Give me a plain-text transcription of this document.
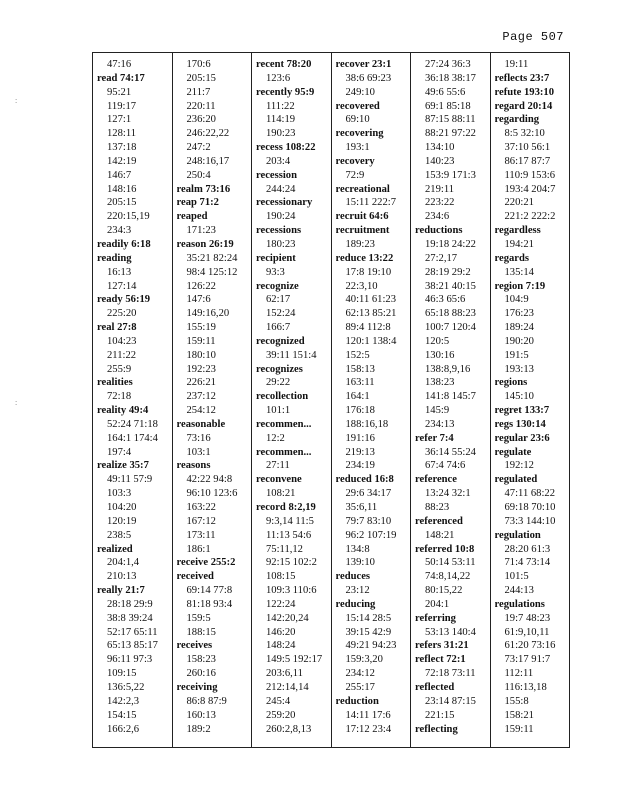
Page 507
:
:
47:16
read 74:17
95:21
119:17
127:1
128:11
137:18
142:19
146:7
148:16
205:15
220:15,19
234:3
readily 6:18
reading
16:13
127:14
ready 56:19
225:20
real 27:8
104:23
211:22
255:9
realities
72:18
reality 49:4
52:24 71:18
164:1 174:4
197:4
realize 35:7
49:11 57:9
103:3
104:20
120:19
238:5
realized
204:1,4
210:13
really 21:7
28:18 29:9
38:8 39:24
52:17 65:11
65:13 85:17
96:11 97:3
109:15
136:5,22
142:2,3
154:15
166:2,6
170:6
205:15
211:7
220:11
236:20
246:22,22
247:2
248:16,17
250:4
realm 73:16
reap 71:2
reaped
171:23
reason 26:19
35:21 82:24
98:4 125:12
126:22
147:6
149:16,20
155:19
159:11
180:10
192:23
226:21
237:12
254:12
reasonable
73:16
103:1
reasons
42:22 94:8
96:10 123:6
163:22
167:12
173:11
186:1
receive 255:2
received
69:14 77:8
81:18 93:4
159:5
188:15
receives
158:23
260:16
receiving
86:8 87:9
160:13
189:2
recent 78:20
123:6
recently 95:9
111:22
114:19
190:23
recess 108:22
203:4
recession
244:24
recessionary
190:24
recessions
180:23
recipient
93:3
recognize
62:17
152:24
166:7
recognized
39:11 151:4
recognizes
29:22
recollection
101:1
recommen...
12:2
recommen...
27:11
reconvene
108:21
record 8:2,19
9:3,14 11:5
11:13 54:6
75:11,12
92:15 102:2
108:15
109:3 110:6
122:24
142:20,24
146:20
148:24
149:5 192:17
203:6,11
212:14,14
245:4
259:20
260:2,8,13
recover 23:1
38:6 69:23
249:10
recovered
69:10
recovering
193:1
recovery
72:9
recreational
15:11 222:7
recruit 64:6
recruitment
189:23
reduce 13:22
17:8 19:10
22:3,10
40:11 61:23
62:13 85:21
89:4 112:8
120:1 138:4
152:5
158:13
163:11
164:1
176:18
188:16,18
191:16
219:13
234:19
reduced 16:8
29:6 34:17
35:6,11
79:7 83:10
96:2 107:19
134:8
139:10
reduces
23:12
reducing
15:14 28:5
39:15 42:9
49:21 94:23
159:3,20
234:12
255:17
reduction
14:11 17:6
17:12 23:4
27:24 36:3
36:18 38:17
49:6 55:6
69:1 85:18
87:15 88:11
88:21 97:22
134:10
140:23
153:9 171:3
219:11
223:22
234:6
reductions
19:18 24:22
27:2,17
28:19 29:2
38:21 40:15
46:3 65:6
65:18 88:23
100:7 120:4
120:5
130:16
138:8,9,16
138:23
141:8 145:7
145:9
234:13
refer 7:4
36:14 55:24
67:4 74:6
reference
13:24 32:1
88:23
referenced
148:21
referred 10:8
50:14 53:11
74:8,14,22
80:15,22
204:1
referring
53:13 140:4
refers 31:21
reflect 72:1
72:18 73:11
reflected
23:14 87:15
221:15
reflecting
19:11
reflects 23:7
refute 193:10
regard 20:14
regarding
8:5 32:10
37:10 56:1
86:17 87:7
110:9 153:6
193:4 204:7
220:21
221:2 222:2
regardless
194:21
regards
135:14
region 7:19
104:9
176:23
189:24
190:20
191:5
193:13
regions
145:10
regret 133:7
regs 130:14
regular 23:6
regulate
192:12
regulated
47:11 68:22
69:18 70:10
73:3 144:10
regulation
28:20 61:3
71:4 73:14
101:5
244:13
regulations
19:7 48:23
61:9,10,11
61:20 73:16
73:17 91:7
112:11
116:13,18
155:8
158:21
159:11
